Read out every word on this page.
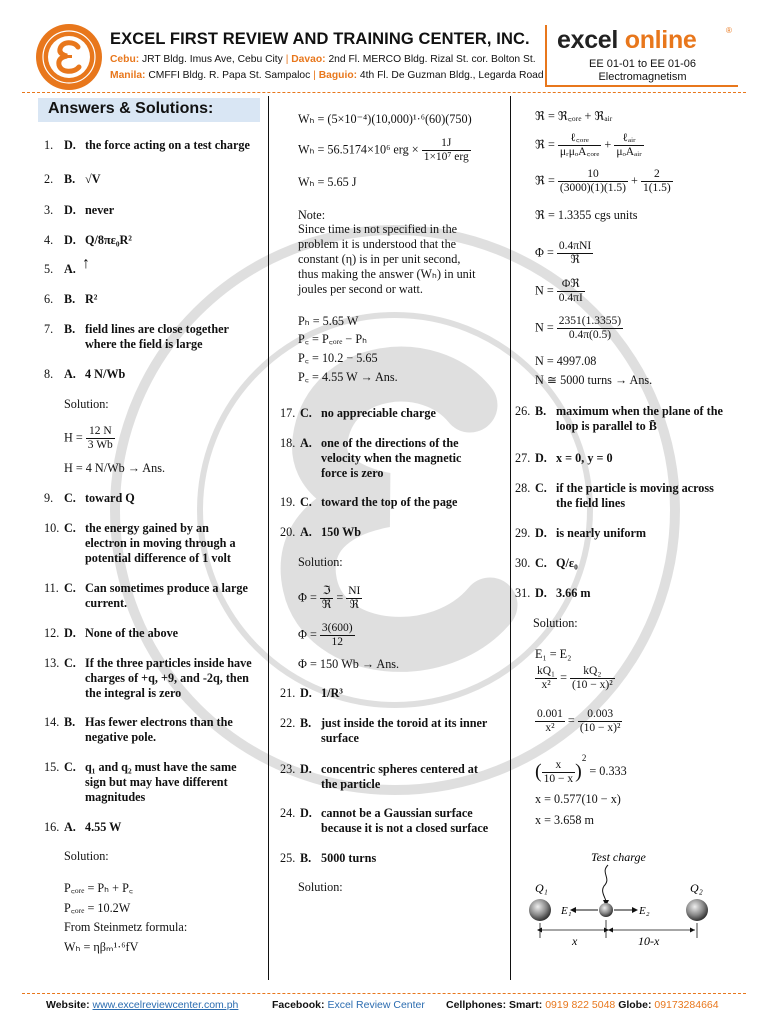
EXCEL FIRST REVIEW AND TRAINING CENTER, INC.
Cebu: JRT Bldg. Imus Ave, Cebu City | Davao: 2nd Fl. MERCO Bldg. Rizal St. cor. Bolton St.
Manila: CMFFI Bldg. R. Papa St. Sampaloc | Baguio: 4th Fl. De Guzman Bldg., Legarda Road
excel online	®
EE 01-01 to EE 01-06
Electromagnetism
Answers & Solutions:
1. D. the force acting on a test charge
2. B. √V
3. D. never
4. D. Q/8πε₀R²
5. A. ↑
6. B. R²
7. B. field lines are close together
where the field is large
8. A. 4 N/Wb
Solution:
$H = \frac{12 N}{3 Wb}$
H = 4 N/Wb → Ans.
9. C. toward Q
10. C. the energy gained by an
electron in moving through a
potential difference of 1 volt
11. C. Can sometimes produce a large
current.
12. D. None of the above
13. C. If the three particles inside have
charges of +q, +9, and -2q, then
the integral is zero
14. B. Has fewer electrons than the
negative pole.
15. C. q₁ and q₂ must have the same
sign but may have different
magnitudes
16. A. 4.55 W
Solution:
P꜀ₒᵣₑ = Pₕ + P꜀
P꜀ₒᵣₑ = 10.2W
From Steinmetz formula:
Wₕ = ηβₘ¹·⁶fV
Wₕ = (5×10⁻⁴)(10,000)¹·⁶(60)(750)
Wₕ = 56.5174×10⁶ erg ×	1J
1×10⁷ erg
Wₕ = 5.65 J
Note:
Since time is not specified in the
problem it is understood that the
constant (η) is in per unit second,
thus making the answer (Wₕ) in unit
joules per second or watt.
Pₕ = 5.65 W
P꜀ = P꜀ₒᵣₑ − Pₕ
P꜀ = 10.2 − 5.65
P꜀ = 4.55 W → Ans.
17. C. no appreciable charge
18. A. one of the directions of the
velocity when the magnetic
force is zero
19. C. toward the top of the page
20. A. 150 Wb
Solution:
Φ = ℑ
ℜ
= NI
ℜ
$\Phi = \frac{3(600)}{12}$
Φ = 150 Wb → Ans.
21. D. 1/R³
22. B. just inside the toroid at its inner
surface
23. D. concentric spheres centered at
the particle
24. D. cannot be a Gaussian surface
because it is not a closed surface
25. B. 5000 turns
Solution:
ℜ = ℜ꜀ₒᵣₑ + ℜₐᵢᵣ
ℜ =	ℓ꜀ₒᵣₑ
μᵣμₒA꜀ₒᵣₑ
+ ℓₐᵢᵣ
μₒAₐᵢᵣ
ℜ = $\frac{10}{(3000)(1)(1.5)} + \frac{2}{1(1.5)}$
ℜ = 1.3355 cgs units
Φ = 0.4πNI
ℜ
N = Φℜ
0.4πI
$N = \frac{2351(1.3355)}{0.4\pi(0.5)}$
N = 4997.08
N ≅ 5000 turns → Ans.
26. B. maximum when the plane of the
loop is parallel to B̄
27. D. x = 0, y = 0
28. C. if the particle is moving across
the field lines
29. D. is nearly uniform
30. C. Q/ε₀
31. D. 3.66 m
Solution:
E₁ = E₂
$\frac{\text{kQ₁}}{\text{x²}} = \frac{\text{kQ₂}}{\text{(10 − x)²}}$
$\frac{0.001}{\text{x²}} = \frac{0.003}{\text{(10 − x)²}}$
( $\frac{x}{10 - x} )^2 = 0.333$
x = 0.577(10 − x)
x = 3.658 m
Test charge
Q₁	Q₂
E₁	E₂
x	10-x
Website: www.excelreviewcenter.com.ph	Facebook: Excel Review Center Cellphones: Smart: 0919 822 5048 Globe: 09173284664
